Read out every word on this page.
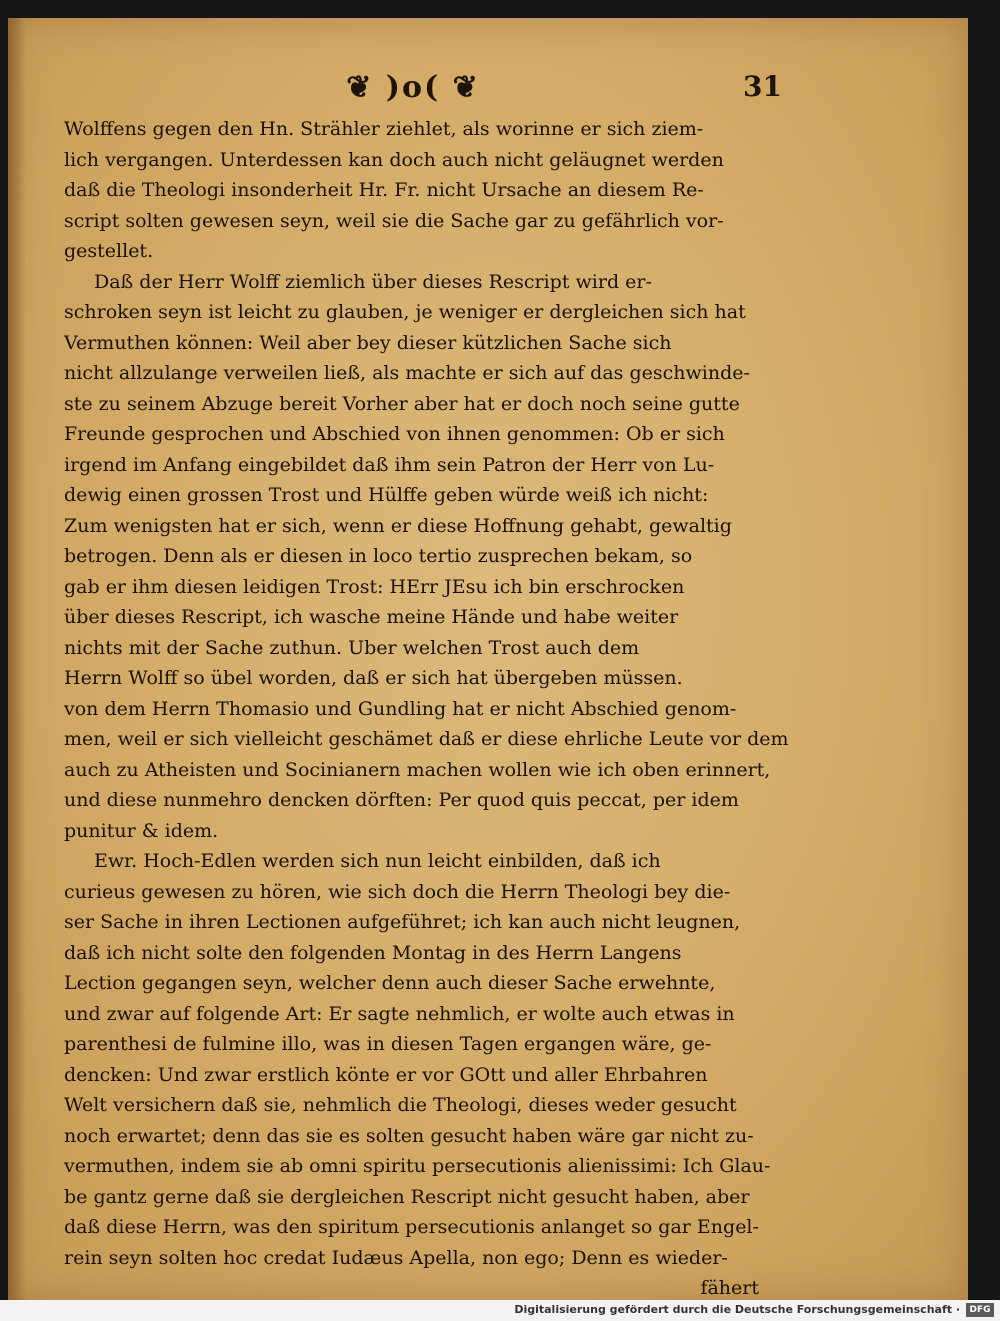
❦ )o( ❦	31
Wolffens gegen den Hn. Strähler ziehlet, als worinne er sich ziem-
lich vergangen. Unterdessen kan doch auch nicht geläugnet werden
daß die Theologi insonderheit Hr. Fr. nicht Ursache an diesem Re-
script solten gewesen seyn, weil sie die Sache gar zu gefährlich vor-
gestellet.
Daß der Herr Wolff ziemlich über dieses Rescript wird er-
schroken seyn ist leicht zu glauben, je weniger er dergleichen sich hat
Vermuthen können: Weil aber bey dieser kützlichen Sache sich
nicht allzulange verweilen ließ, als machte er sich auf das geschwinde-
ste zu seinem Abzuge bereit Vorher aber hat er doch noch seine gutte
Freunde gesprochen und Abschied von ihnen genommen: Ob er sich
irgend im Anfang eingebildet daß ihm sein Patron der Herr von Lu-
dewig einen grossen Trost und Hülffe geben würde weiß ich nicht:
Zum wenigsten hat er sich, wenn er diese Hoffnung gehabt, gewaltig
betrogen. Denn als er diesen in loco tertio zusprechen bekam, so
gab er ihm diesen leidigen Trost: HErr JEsu ich bin erschrocken
über dieses Rescript, ich wasche meine Hände und habe weiter
nichts mit der Sache zuthun. Uber welchen Trost auch dem
Herrn Wolff so übel worden, daß er sich hat übergeben müssen.
von dem Herrn Thomasio und Gundling hat er nicht Abschied genom-
men, weil er sich vielleicht geschämet daß er diese ehrliche Leute vor dem
auch zu Atheisten und Socinianern machen wollen wie ich oben erinnert,
und diese nunmehro dencken dörften: Per quod quis peccat, per idem
punitur & idem.
Ewr. Hoch-Edlen werden sich nun leicht einbilden, daß ich
curieus gewesen zu hören, wie sich doch die Herrn Theologi bey die-
ser Sache in ihren Lectionen aufgeführet; ich kan auch nicht leugnen,
daß ich nicht solte den folgenden Montag in des Herrn Langens
Lection gegangen seyn, welcher denn auch dieser Sache erwehnte,
und zwar auf folgende Art: Er sagte nehmlich, er wolte auch etwas in
parenthesi de fulmine illo, was in diesen Tagen ergangen wäre, ge-
dencken: Und zwar erstlich könte er vor GOtt und aller Ehrbahren
Welt versichern daß sie, nehmlich die Theologi, dieses weder gesucht
noch erwartet; denn das sie es solten gesucht haben wäre gar nicht zu-
vermuthen, indem sie ab omni spiritu persecutionis alienissimi: Ich Glau-
be gantz gerne daß sie dergleichen Rescript nicht gesucht haben, aber
daß diese Herrn, was den spiritum persecutionis anlanget so gar Engel-
rein seyn solten hoc credat Iudæus Apella, non ego; Denn es wieder-
fähert
Digitalisierung gefördert durch die Deutsche Forschungsgemeinschaft ·	DFG
